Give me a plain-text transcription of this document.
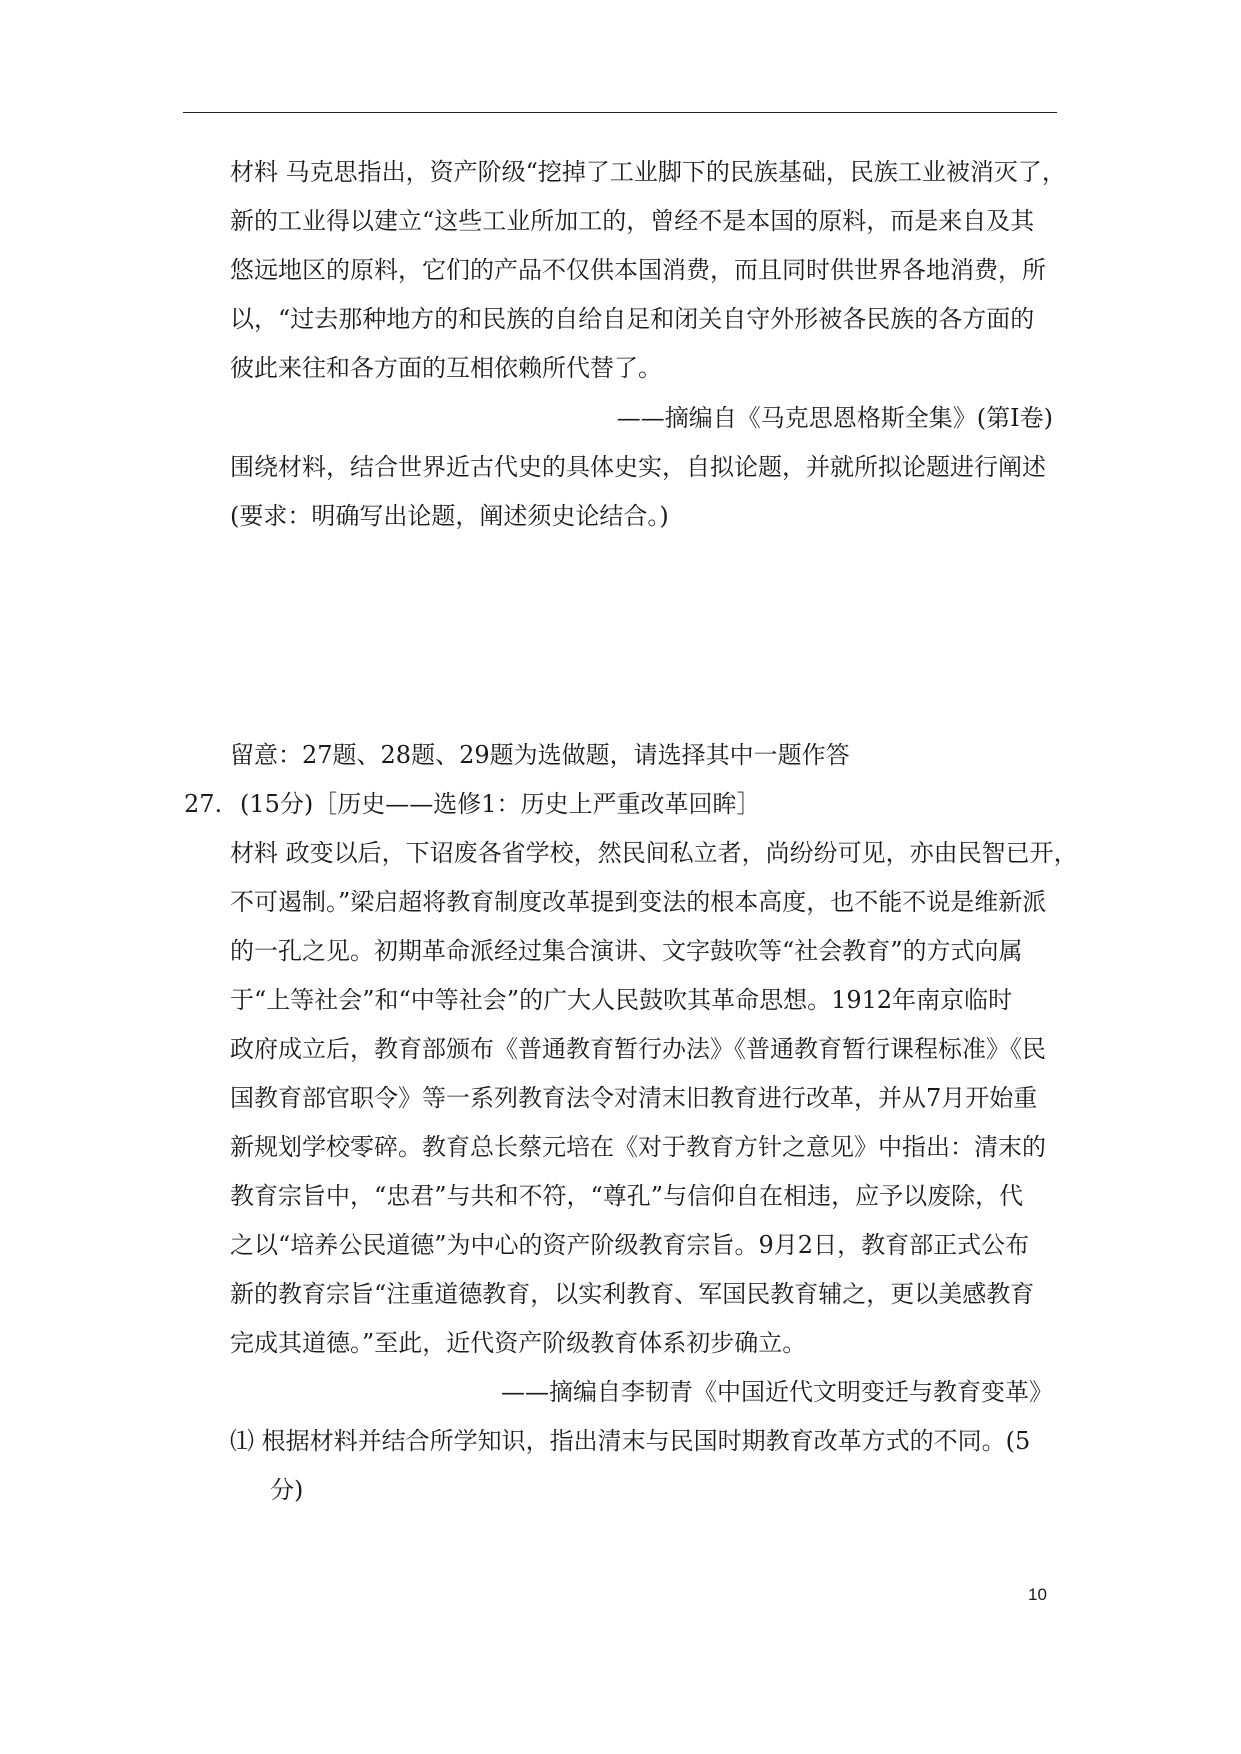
材料 马克思指出，资产阶级“挖掉了工业脚下的民族基础，民族工业被消灭了，
新的工业得以建立“这些工业所加工的，曾经不是本国的原料，而是来自及其
悠远地区的原料，它们的产品不仅供本国消费，而且同时供世界各地消费，所
以，“过去那种地方的和民族的自给自足和闭关自守外形被各民族的各方面的
彼此来往和各方面的互相依赖所代替了。
——摘编自《马克思恩格斯全集》(第Ⅰ卷)
围绕材料，结合世界近古代史的具体史实，自拟论题，并就所拟论题进行阐述
(要求：明确写出论题，阐述须史论结合。)
留意：27题、28题、29题为选做题，请选择其中一题作答
27. (15分)［历史——选修1：历史上严重改革回眸］
材料 政变以后，下诏废各省学校，然民间私立者，尚纷纷可见，亦由民智已开，
不可遏制。”梁启超将教育制度改革提到变法的根本高度，也不能不说是维新派
的一孔之见。初期革命派经过集合演讲、文字鼓吹等“社会教育”的方式向属
于“上等社会”和“中等社会”的广大人民鼓吹其革命思想。1912年南京临时
政府成立后，教育部颁布《普通教育暂行办法》《普通教育暂行课程标准》《民
国教育部官职令》等一系列教育法令对清末旧教育进行改革，并从7月开始重
新规划学校零碎。教育总长蔡元培在《对于教育方针之意见》中指出：清末的
教育宗旨中，“忠君”与共和不符，“尊孔”与信仰自在相违，应予以废除，代
之以“培养公民道德”为中心的资产阶级教育宗旨。9月2日，教育部正式公布
新的教育宗旨“注重道德教育，以实利教育、军国民教育辅之，更以美感教育
完成其道德。”至此，近代资产阶级教育体系初步确立。
——摘编自李韧青《中国近代文明变迁与教育变革》
⑴ 根据材料并结合所学知识，指出清末与民国时期教育改革方式的不同。(5
分)
10
